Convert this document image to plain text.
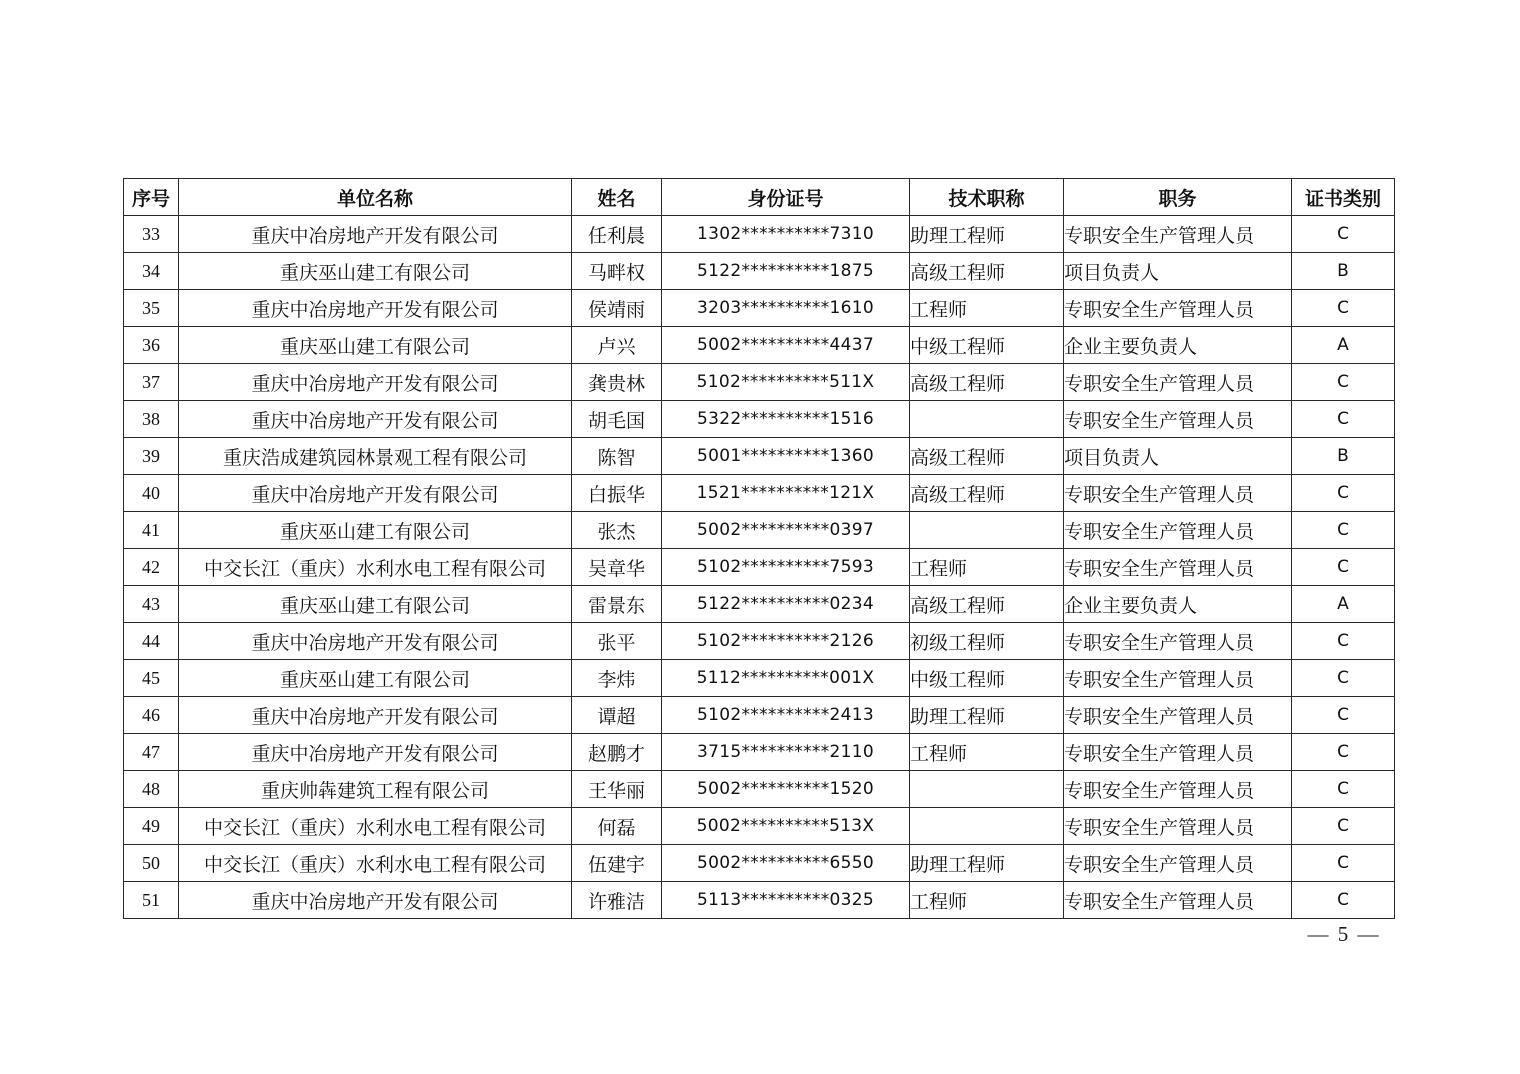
序号	单位名称	姓名	身份证号	技术职称	职务	证书类别
33	重庆中冶房地产开发有限公司	任利晨	1302**********7310	助理工程师	专职安全生产管理人员	C
34	重庆巫山建工有限公司	马畔权	5122**********1875	高级工程师	项目负责人	B
35	重庆中冶房地产开发有限公司	侯靖雨	3203**********1610	工程师	专职安全生产管理人员	C
36	重庆巫山建工有限公司	卢兴	5002**********4437	中级工程师	企业主要负责人	A
37	重庆中冶房地产开发有限公司	龚贵林	5102**********511X	高级工程师	专职安全生产管理人员	C
38	重庆中冶房地产开发有限公司	胡毛国	5322**********1516		专职安全生产管理人员	C
39	重庆浩成建筑园林景观工程有限公司	陈智	5001**********1360	高级工程师	项目负责人	B
40	重庆中冶房地产开发有限公司	白振华	1521**********121X	高级工程师	专职安全生产管理人员	C
41	重庆巫山建工有限公司	张杰	5002**********0397		专职安全生产管理人员	C
42	中交长江（重庆）水利水电工程有限公司	吴章华	5102**********7593	工程师	专职安全生产管理人员	C
43	重庆巫山建工有限公司	雷景东	5122**********0234	高级工程师	企业主要负责人	A
44	重庆中冶房地产开发有限公司	张平	5102**********2126	初级工程师	专职安全生产管理人员	C
45	重庆巫山建工有限公司	李炜	5112**********001X	中级工程师	专职安全生产管理人员	C
46	重庆中冶房地产开发有限公司	谭超	5102**********2413	助理工程师	专职安全生产管理人员	C
47	重庆中冶房地产开发有限公司	赵鹏才	3715**********2110	工程师	专职安全生产管理人员	C
48	重庆帅犇建筑工程有限公司	王华丽	5002**********1520		专职安全生产管理人员	C
49	中交长江（重庆）水利水电工程有限公司	何磊	5002**********513X		专职安全生产管理人员	C
50	中交长江（重庆）水利水电工程有限公司	伍建宇	5002**********6550	助理工程师	专职安全生产管理人员	C
51	重庆中冶房地产开发有限公司	许雅洁	5113**********0325	工程师	专职安全生产管理人员	C
— 5 —
